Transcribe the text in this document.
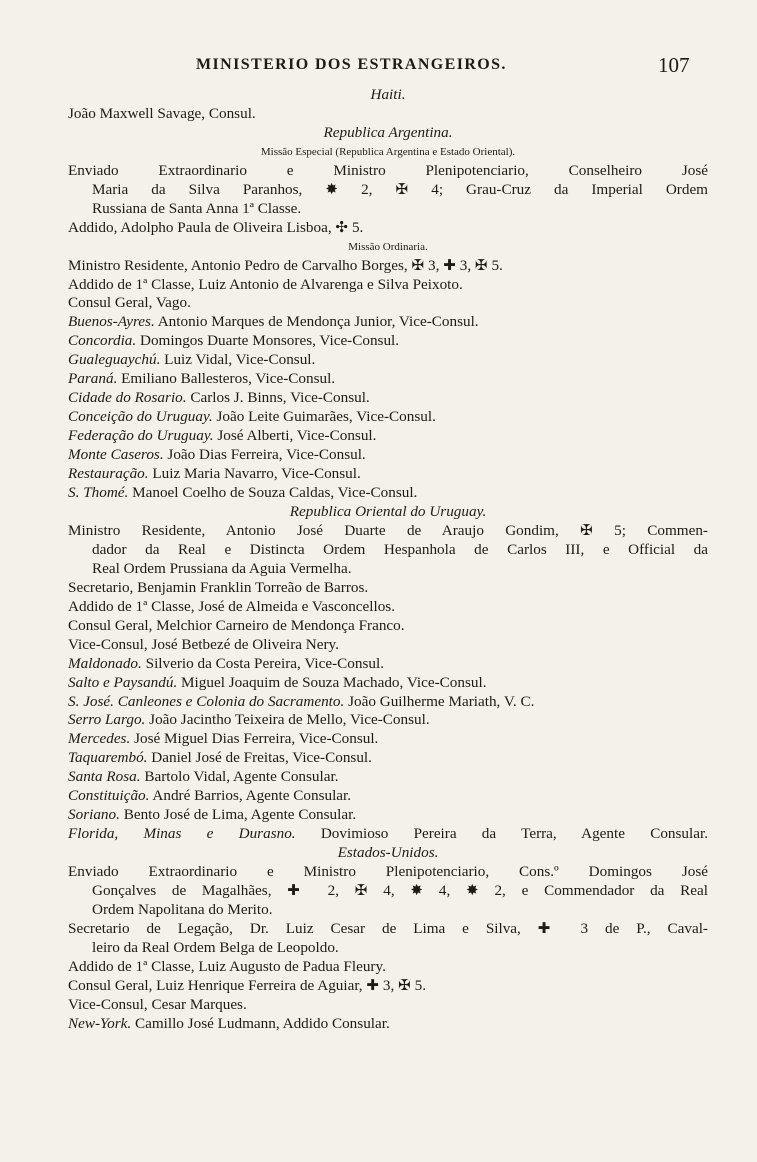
MINISTERIO DOS ESTRANGEIROS.	107
Haiti.
João Maxwell Savage, Consul.
Republica Argentina.
Missão Especial (Republica Argentina e Estado Oriental).
Enviado Extraordinario e Ministro Plenipotenciario, Conselheiro José
Maria da Silva Paranhos, ✸ 2, ✠ 4; Grau-Cruz da Imperial Ordem
Russiana de Santa Anna 1ª Classe.
Addido, Adolpho Paula de Oliveira Lisboa, ✣ 5.
Missão Ordinaria.
Ministro Residente, Antonio Pedro de Carvalho Borges, ✠ 3, ✚ 3, ✠ 5.
Addido de 1ª Classe, Luiz Antonio de Alvarenga e Silva Peixoto.
Consul Geral, Vago.
Buenos-Ayres. Antonio Marques de Mendonça Junior, Vice-Consul.
Concordia. Domingos Duarte Monsores, Vice-Consul.
Gualeguaychú. Luiz Vidal, Vice-Consul.
Paraná. Emiliano Ballesteros, Vice-Consul.
Cidade do Rosario. Carlos J. Binns, Vice-Consul.
Conceição do Uruguay. João Leite Guimarães, Vice-Consul.
Federação do Uruguay. José Alberti, Vice-Consul.
Monte Caseros. João Dias Ferreira, Vice-Consul.
Restauração. Luiz Maria Navarro, Vice-Consul.
S. Thomé. Manoel Coelho de Souza Caldas, Vice-Consul.
Republica Oriental do Uruguay.
Ministro Residente, Antonio José Duarte de Araujo Gondim, ✠ 5; Commen-
dador da Real e Distincta Ordem Hespanhola de Carlos III, e Official da
Real Ordem Prussiana da Aguia Vermelha.
Secretario, Benjamin Franklin Torreão de Barros.
Addido de 1ª Classe, José de Almeida e Vasconcellos.
Consul Geral, Melchior Carneiro de Mendonça Franco.
Vice-Consul, José Betbezé de Oliveira Nery.
Maldonado. Silverio da Costa Pereira, Vice-Consul.
Salto e Paysandú. Miguel Joaquim de Souza Machado, Vice-Consul.
S. José. Canleones e Colonia do Sacramento. João Guilherme Mariath, V. C.
Serro Largo. João Jacintho Teixeira de Mello, Vice-Consul.
Mercedes. José Miguel Dias Ferreira, Vice-Consul.
Taquarembó. Daniel José de Freitas, Vice-Consul.
Santa Rosa. Bartolo Vidal, Agente Consular.
Constituição. André Barrios, Agente Consular.
Soriano. Bento José de Lima, Agente Consular.
Florida, Minas e Durasno. Dovimioso Pereira da Terra, Agente Consular.
Estados-Unidos.
Enviado Extraordinario e Ministro Plenipotenciario, Cons.º Domingos José
Gonçalves de Magalhães, ✚ 2, ✠ 4, ✸ 4, ✸ 2, e Commendador da Real
Ordem Napolitana do Merito.
Secretario de Legação, Dr. Luiz Cesar de Lima e Silva, ✚ 3 de P., Caval-
leiro da Real Ordem Belga de Leopoldo.
Addido de 1ª Classe, Luiz Augusto de Padua Fleury.
Consul Geral, Luiz Henrique Ferreira de Aguiar, ✚ 3, ✠ 5.
Vice-Consul, Cesar Marques.
New-York. Camillo José Ludmann, Addido Consular.
